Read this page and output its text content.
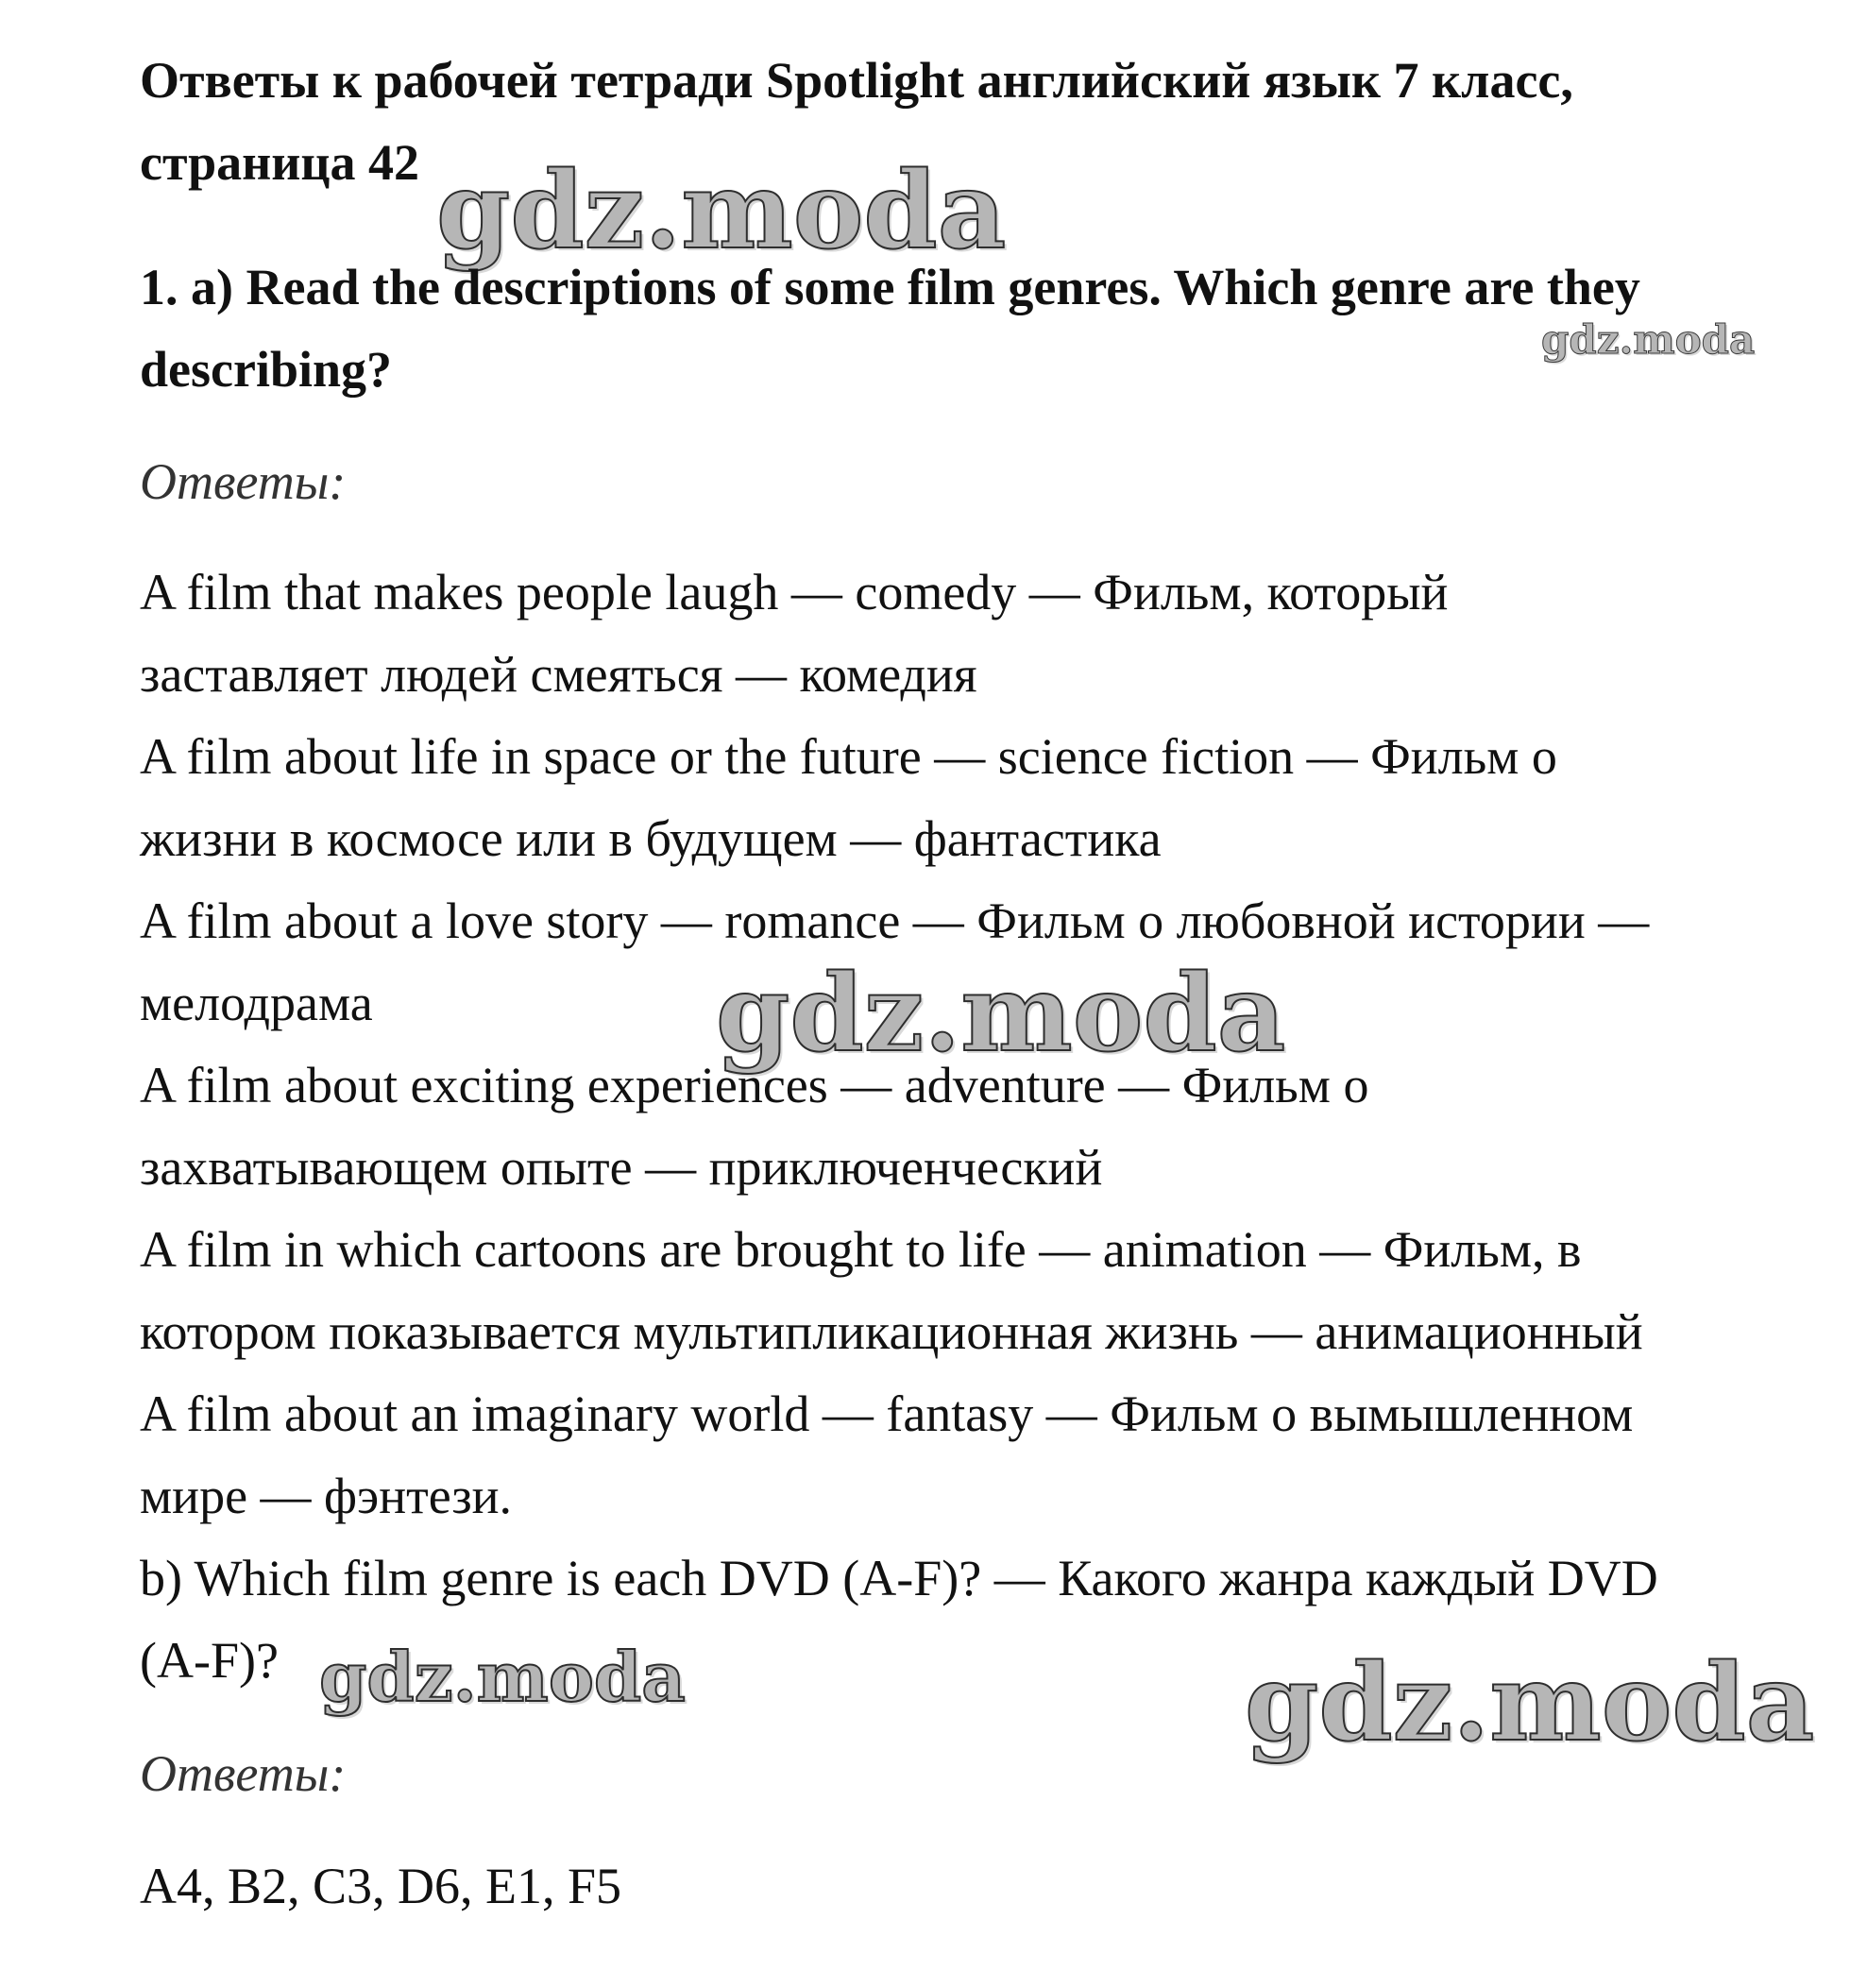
Ответы к рабочей тетради Spotlight английский язык 7 класс,
страница 42 gdz.moda
1. a) Read the descriptions of some film genres. Which genre are they
gdz.moda
describing?
Ответы:
A film that makes people laugh — comedy — Фильм, который
заставляет людей смеяться — комедия
A film about life in space or the future — science fiction — Фильм о
жизни в космосе или в будущем — фантастика
A film about a love story — romance — Фильм о любовной истории —
мелодрама	gdz.moda
A film about exciting experiences — adventure — Фильм о
захватывающем опыте — приключенческий
A film in which cartoons are brought to life — animation — Фильм, в
котором показывается мультипликационная жизнь — анимационный
A film about an imaginary world — fantasy — Фильм о вымышленном
мире — фэнтези.
b) Which film genre is each DVD (A-F)? — Какого жанра каждый DVD
(A-F)? gdz.moda	gdz.moda
Ответы:
A4, B2, C3, D6, E1, F5
